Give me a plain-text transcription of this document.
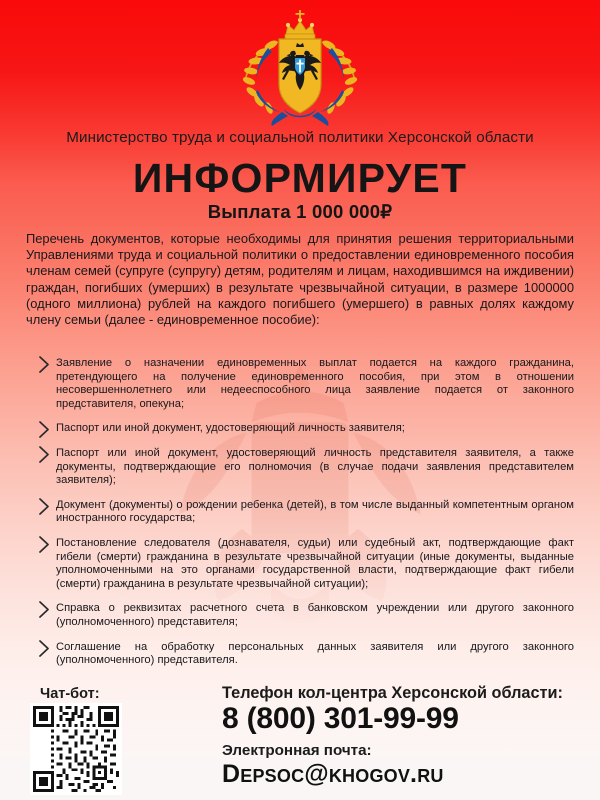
Министерство труда и социальной политики Херсонской области
ИНФОРМИРУЕТ
Выплата 1 000 000₽

Перечень документов, которые необходимы для принятия решения территориальными Управлениями труда и социальной политики о предоставлении единовременного пособия членам семей (супруге (супругу) детям, родителям и лицам, находившимся на иждивении) граждан, погибших (умерших) в результате чрезвычайной ситуации, в размере 1000000 (одного миллиона) рублей на каждого погибшего (умершего) в равных долях каждому члену семьи (далее - единовременное пособие):

Заявление о назначении единовременных выплат подается на каждого гражданина, претендующего на получение единовременного пособия, при этом в отношении несовершеннолетнего или недееспособного лица заявление подается от законного представителя, опекуна;
Паспорт или иной документ, удостоверяющий личность заявителя;
Паспорт или иной документ, удостоверяющий личность представителя заявителя, а также документы, подтверждающие его полномочия (в случае подачи заявления представителем заявителя);
Документ (документы) о рождении ребенка (детей), в том числе выданный компетентным органом иностранного государства;
Постановление следователя (дознавателя, судьи) или судебный акт, подтверждающие факт гибели (смерти) гражданина в результате чрезвычайной ситуации (иные документы, выданные уполномоченными на это органами государственной власти, подтверждающие факт гибели (смерти) гражданина в результате чрезвычайной ситуации);
Справка о реквизитах расчетного счета в банковском учреждении или другого законного (уполномоченного) представителя;
Соглашение на обработку персональных данных заявителя или другого законного (уполномоченного) представителя.
Чат-бот:	Телефон кол-центра Херсонской области:
8 (800) 301-99-99
Электронная почта:
Depsoc@khogov.ru
